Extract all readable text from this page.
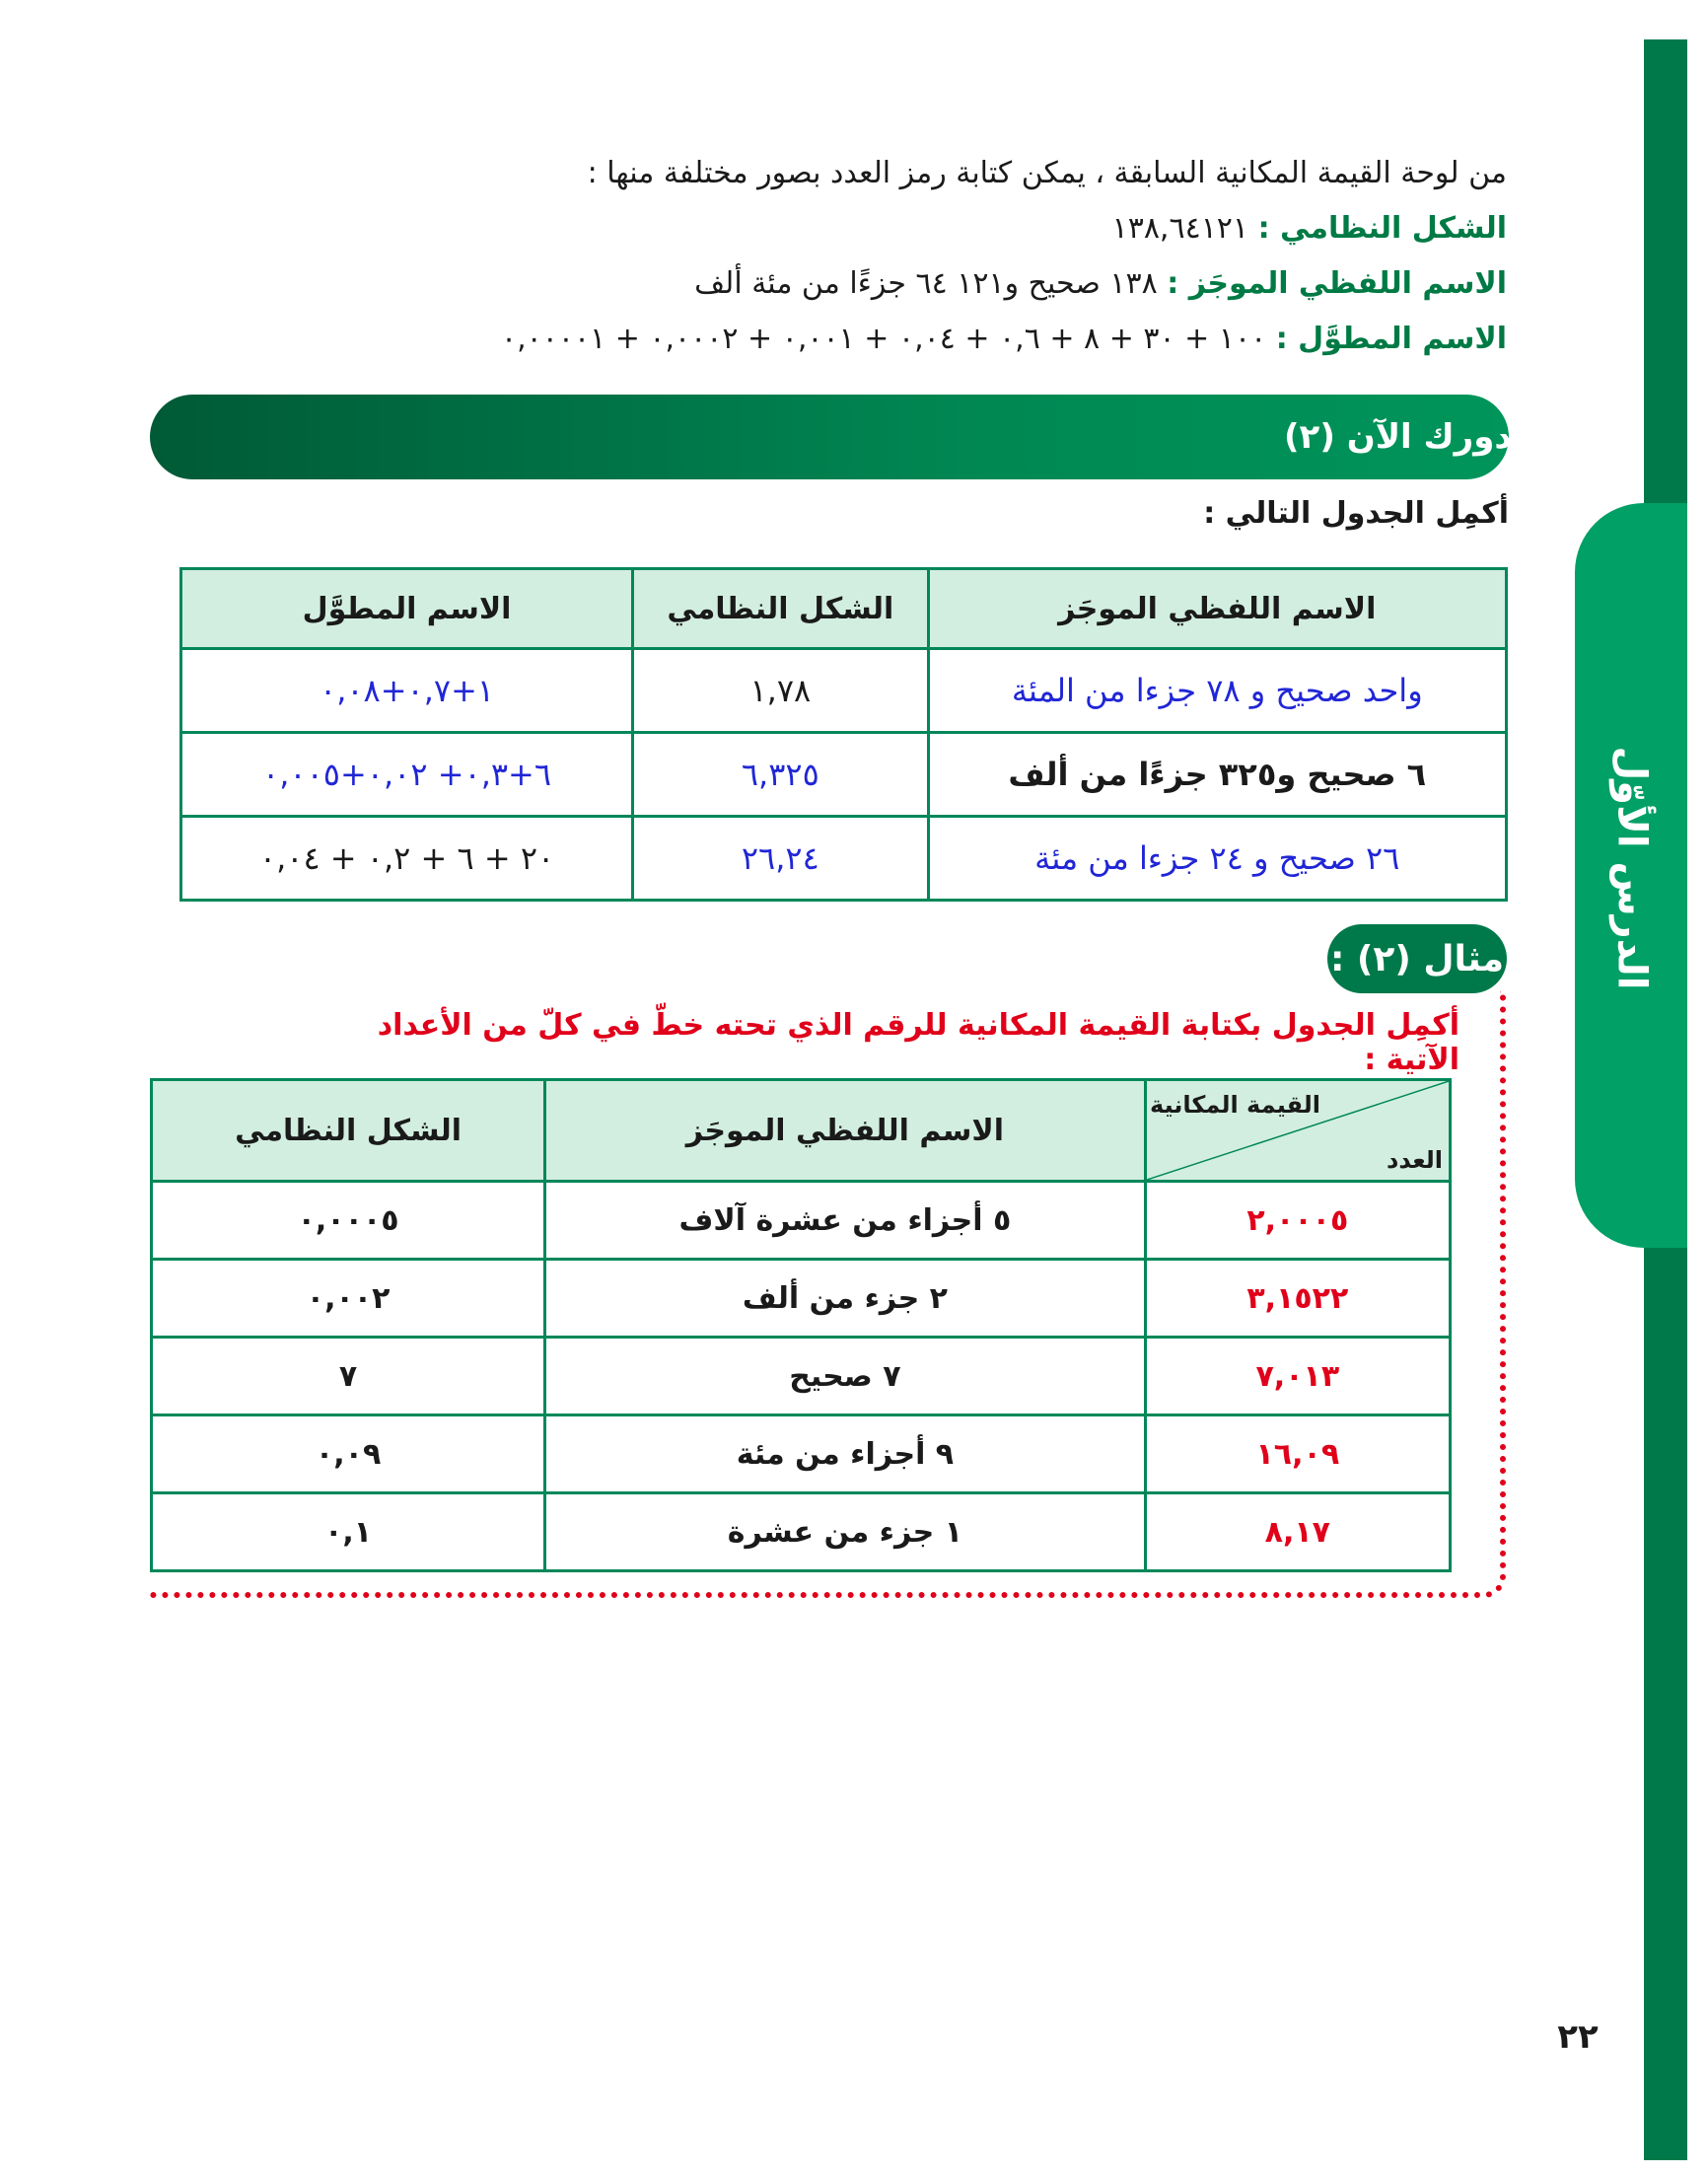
الدرس الأوّل
من لوحة القيمة المكانية السابقة ، يمكن كتابة رمز العدد بصور مختلفة منها :
الشكل النظامي : ١٣٨,٦٤١٢١
الاسم اللفظي الموجَز : ١٣٨ صحيح و١٢١ ٦٤ جزءًا من مئة ألف
الاسم المطوَّل : ١٠٠ + ٣٠ + ٨ + ٠,٦ + ٠,٠٤ + ٠,٠٠١ + ٠,٠٠٠٢ + ٠,٠٠٠٠١
دورك الآن (٢)
أكمِل الجدول التالي :
الاسم اللفظي الموجَز	الشكل النظامي	الاسم المطوَّل
واحد صحيح و ٧٨ جزءا من المئة	١,٧٨	١+٠,٧+٠,٠٨
٦ صحيح و٣٢٥ جزءًا من ألف	٦,٣٢٥	٦+٠,٣+ ٠,٠٢+٠,٠٠٥
٢٦ صحيح و ٢٤ جزءا من مئة	٢٦,٢٤	٢٠ + ٦ + ٠,٢ + ٠,٠٤
مثال (٢) :
أكمِل الجدول بكتابة القيمة المكانية للرقم الذي تحته خطّ في كلّ من الأعداد الآتية :
القيمة المكانية
العدد	الاسم اللفظي الموجَز	الشكل النظامي
٢,٠٠٠٥	٥ أجزاء من عشرة آلاف	٠,٠٠٠٥
٣,١٥٢٢	٢ جزء من ألف	٠,٠٠٢
٧,٠١٣	٧ صحيح	٧
١٦,٠٩	٩ أجزاء من مئة	٠,٠٩
٨,١٧	١ جزء من عشرة	٠,١
٢٢
